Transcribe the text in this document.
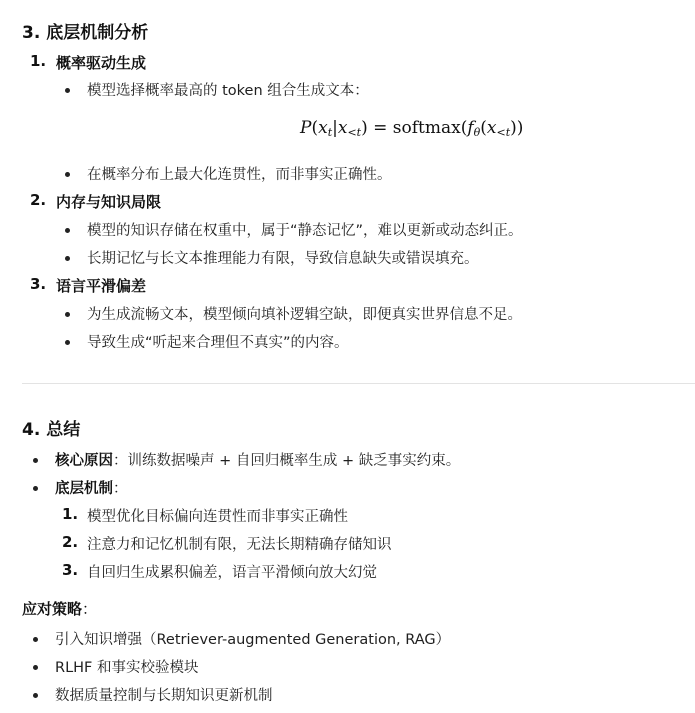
3. 底层机制分析
1. 概率驱动生成
模型选择概率最高的 token 组合生成文本：
$P(x_t|x_{<t})$ = $softmax(f_\theta(x_{<t}))$
在概率分布上最大化连贯性，而非事实正确性。
2. 内存与知识局限
模型的知识存储在权重中，属于“静态记忆”，难以更新或动态纠正。
长期记忆与长文本推理能力有限，导致信息缺失或错误填充。
3. 语言平滑偏差
为生成流畅文本，模型倾向填补逻辑空缺，即便真实世界信息不足。
导致生成“听起来合理但不真实”的内容。
4. 总结
核心原因：训练数据噪声 + 自回归概率生成 + 缺乏事实约束。
底层机制：
1. 模型优化目标偏向连贯性而非事实正确性
2. 注意力和记忆机制有限，无法长期精确存储知识
3. 自回归生成累积偏差，语言平滑倾向放大幻觉
应对策略：
引入知识增强（Retriever-augmented Generation, RAG）
RLHF 和事实校验模块
数据质量控制与长期知识更新机制
